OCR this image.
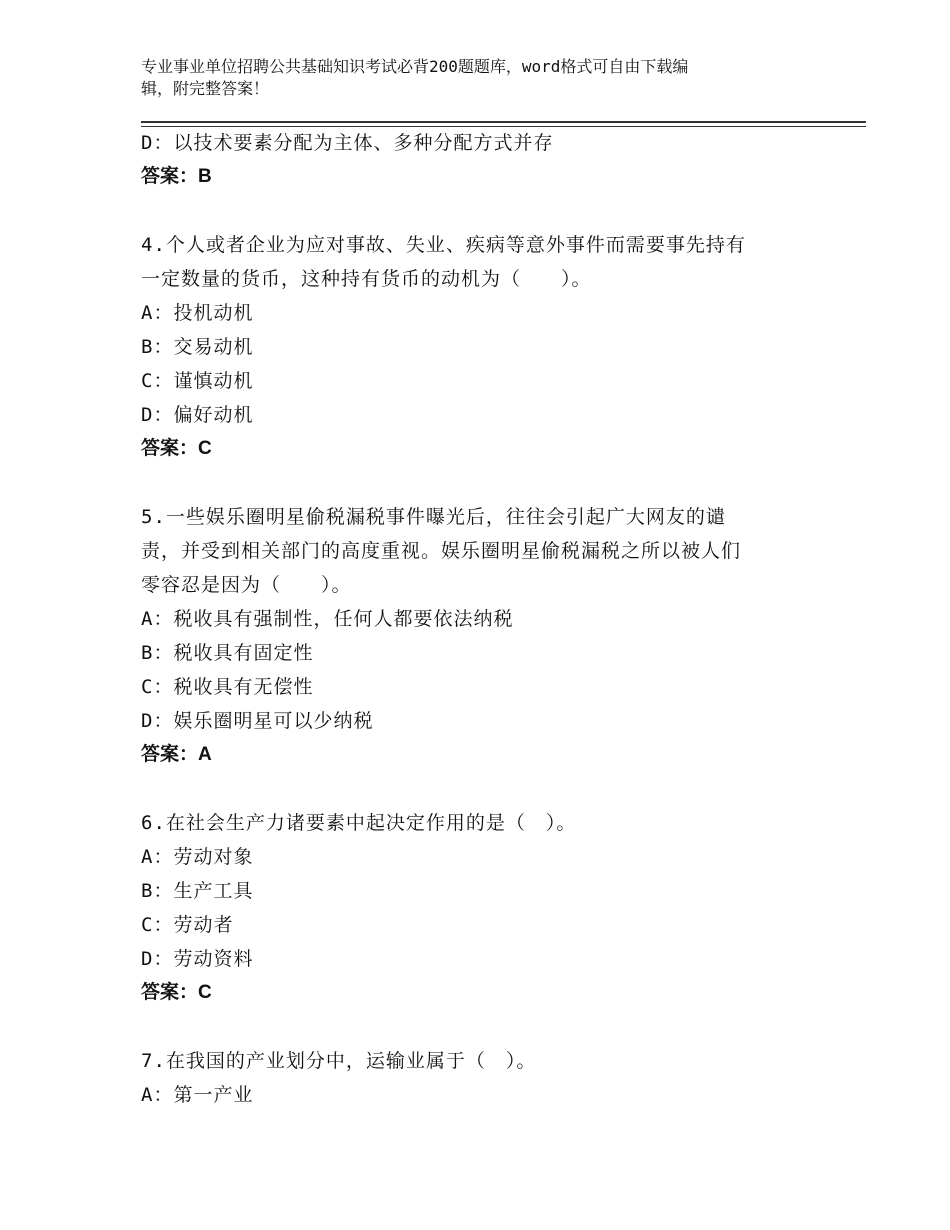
专业事业单位招聘公共基础知识考试必背200题题库，word格式可自由下载编
辑，附完整答案！
D：以技术要素分配为主体、多种分配方式并存
答案：B
4.个人或者企业为应对事故、失业、疾病等意外事件而需要事先持有
一定数量的货币，这种持有货币的动机为（　　）。
A：投机动机
B：交易动机
C：谨慎动机
D：偏好动机
答案：C
5.一些娱乐圈明星偷税漏税事件曝光后，往往会引起广大网友的谴
责，并受到相关部门的高度重视。娱乐圈明星偷税漏税之所以被人们
零容忍是因为（　　）。
A：税收具有强制性，任何人都要依法纳税
B：税收具有固定性
C：税收具有无偿性
D：娱乐圈明星可以少纳税
答案：A
6.在社会生产力诸要素中起决定作用的是（　）。
A：劳动对象
B：生产工具
C：劳动者
D：劳动资料
答案：C
7.在我国的产业划分中，运输业属于（　）。
A：第一产业
